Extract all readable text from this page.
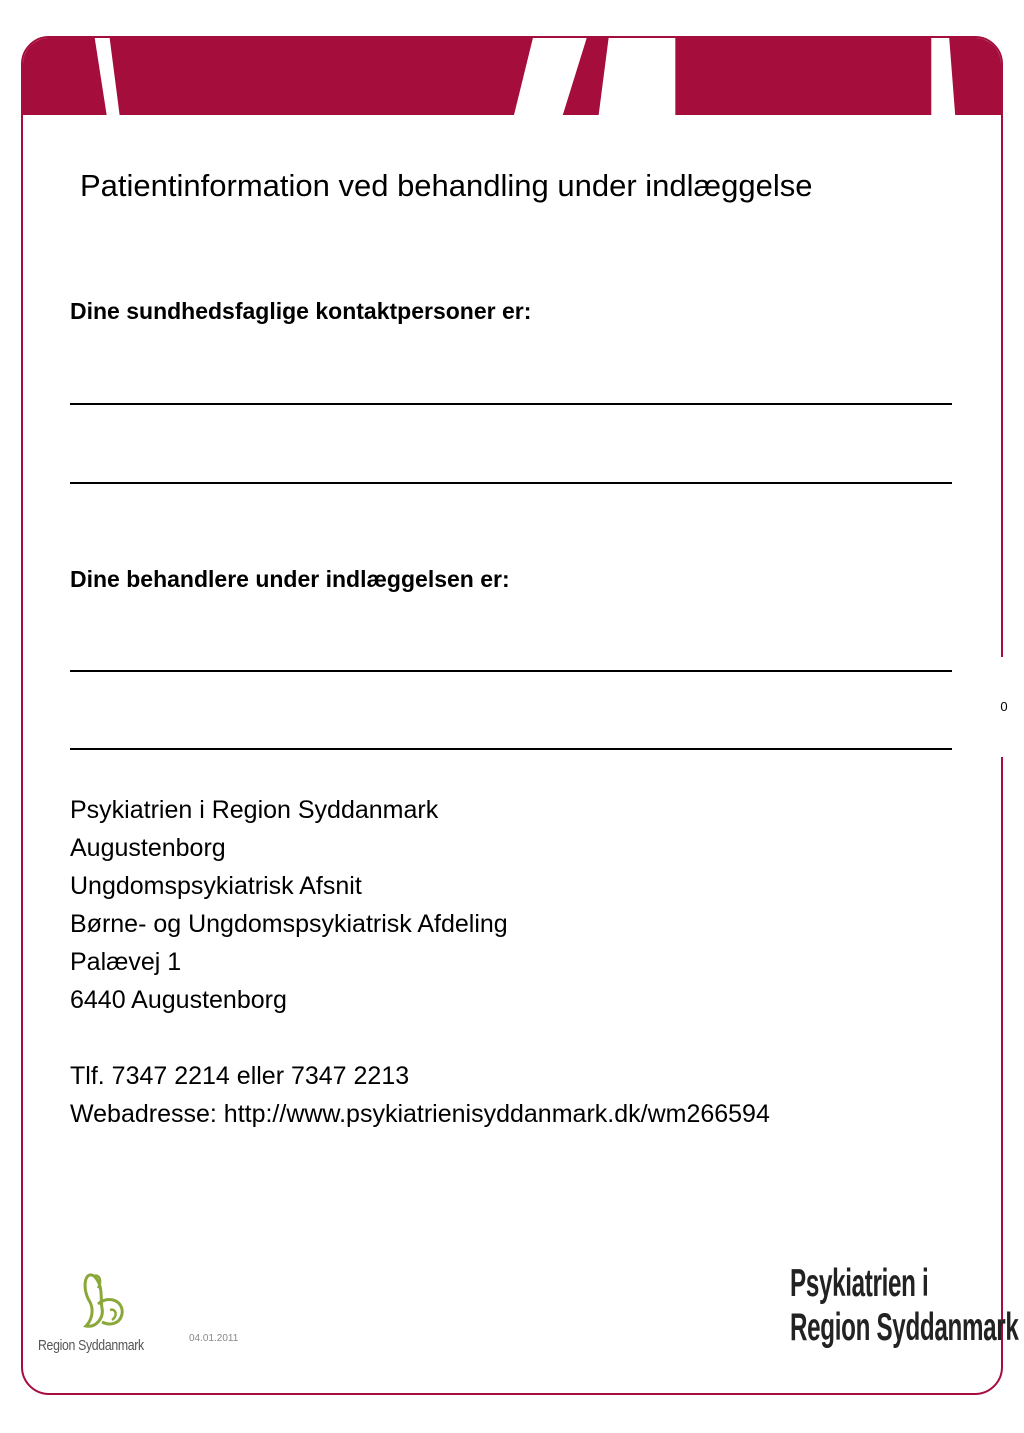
0
Patientinformation ved behandling under indlæggelse
Dine sundhedsfaglige kontaktpersoner er:
Dine behandlere under indlæggelsen er:
Psykiatrien i Region Syddanmark
Augustenborg
Ungdomspsykiatrisk Afsnit
Børne- og Ungdomspsykiatrisk Afdeling
Palævej 1
6440 Augustenborg
Tlf. 7347 2214 eller 7347 2213
Webadresse: http://www.psykiatrienisyddanmark.dk/wm266594
Region Syddanmark	04.01.2011
Psykiatrien i
Region Syddanmark
